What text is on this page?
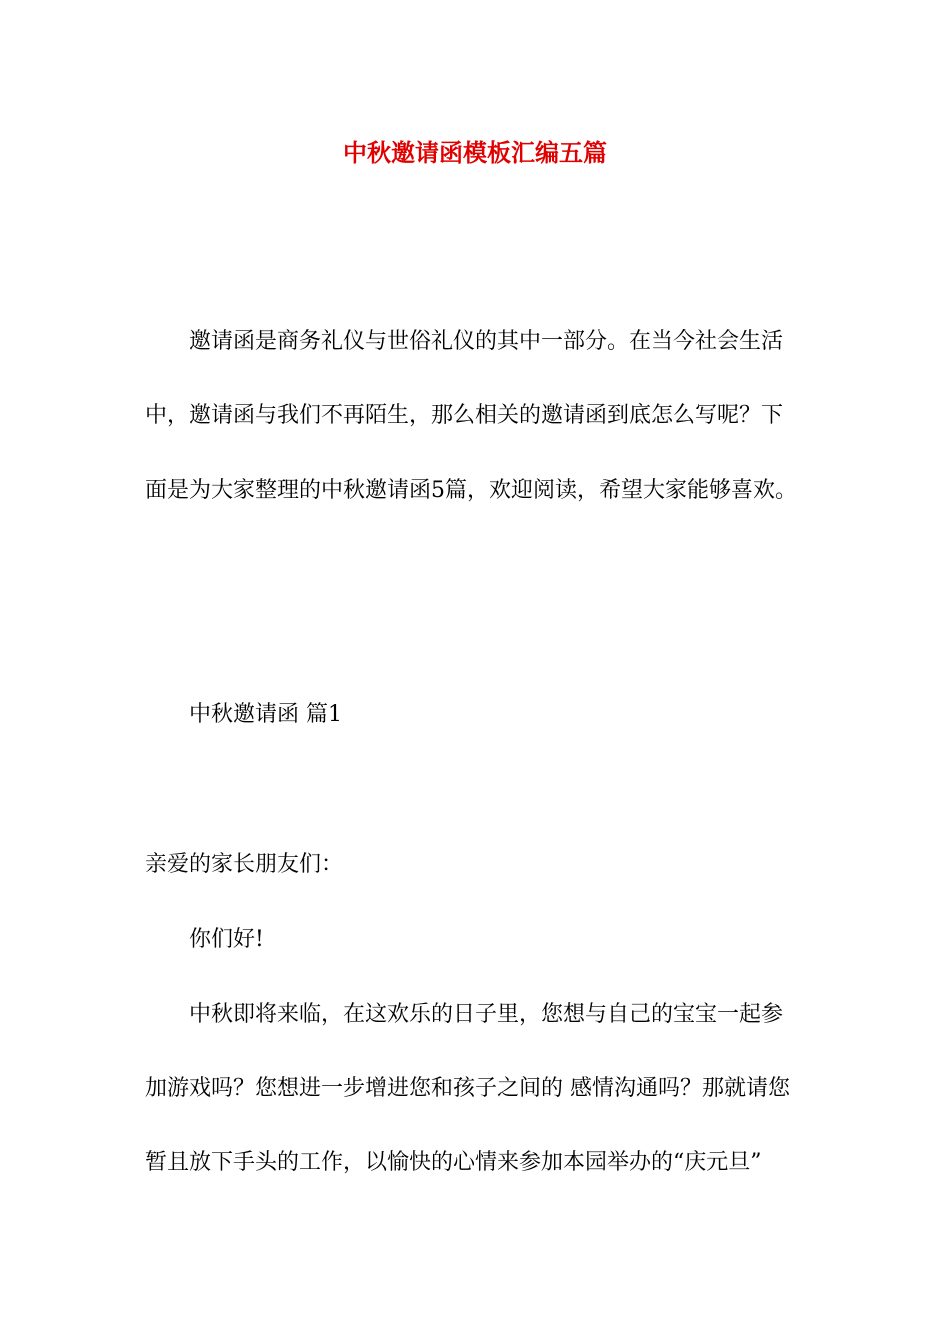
中秋邀请函模板汇编五篇
邀请函是商务礼仪与世俗礼仪的其中一部分。在当今社会生活
中，邀请函与我们不再陌生，那么相关的邀请函到底怎么写呢？下
面是为大家整理的中秋邀请函5篇，欢迎阅读，希望大家能够喜欢。
中秋邀请函 篇1
亲爱的家长朋友们：
你们好!
中秋即将来临，在这欢乐的日子里，您想与自己的宝宝一起参
加游戏吗？您想进一步增进您和孩子之间的 感情沟通吗？那就请您
暂且放下手头的工作，以愉快的心情来参加本园举办的“庆元旦”
